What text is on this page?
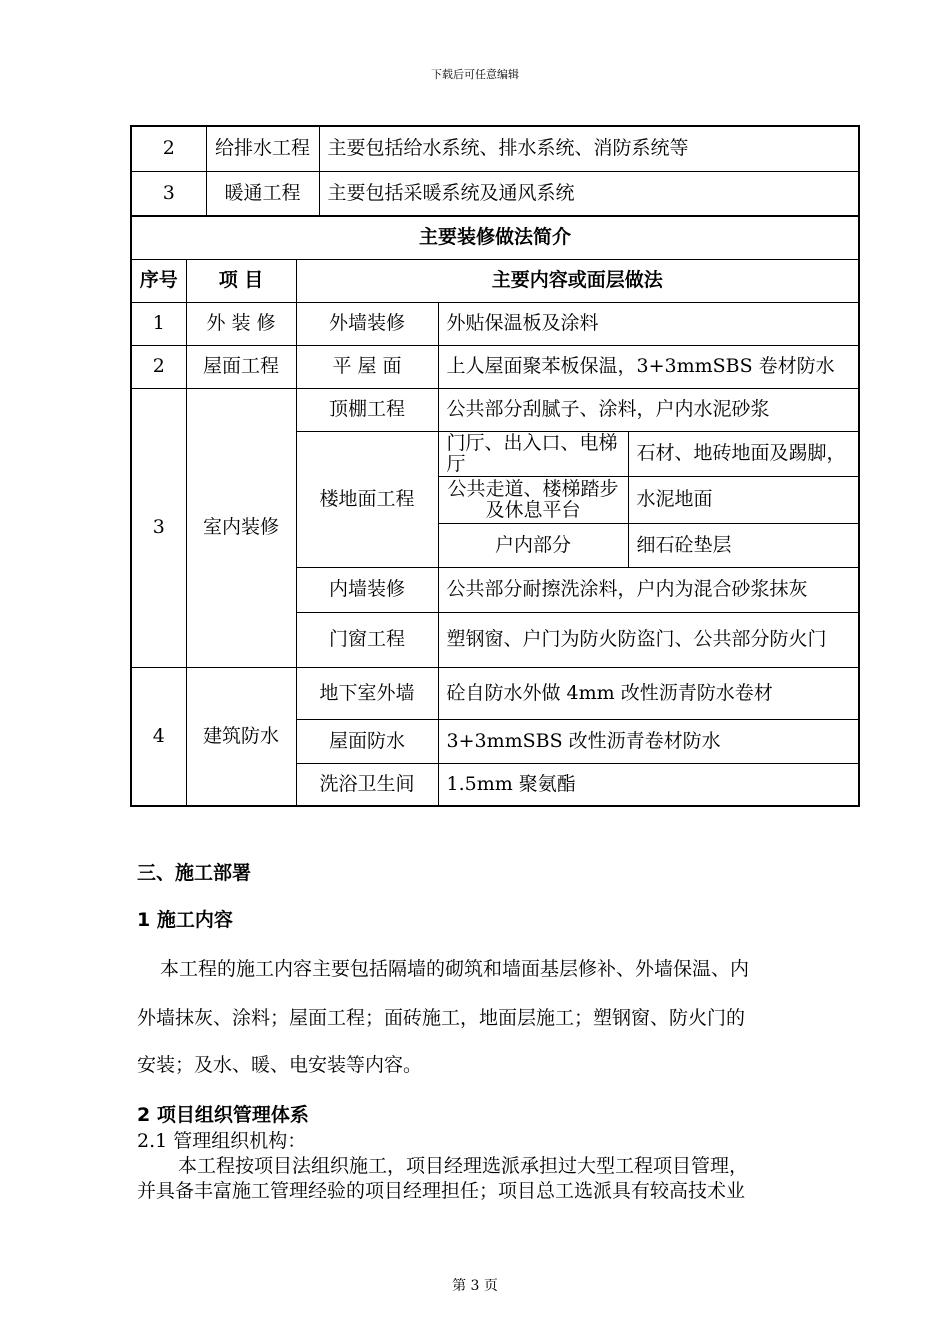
下载后可任意编辑
2	给排水工程	主要包括给水系统、排水系统、消防系统等
3	暖通工程	主要包括采暖系统及通风系统
主要装修做法简介				
序号	项 目	主要内容或面层做法		
1	外 装 修	外墙装修	外贴保温板及涂料	
2	屋面工程	平 屋 面	上人屋面聚苯板保温，3+3mmSBS 卷材防水	
3	室内装修	顶棚工程	公共部分刮腻子、涂料，户内水泥砂浆	
		楼地面工程	门厅、出入口、电梯厅	石材、地砖地面及踢脚，
			公共走道、楼梯踏步及休息平台	水泥地面
			户内部分	细石砼垫层
		内墙装修	公共部分耐擦洗涂料，户内为混合砂浆抹灰	
		门窗工程	塑钢窗、户门为防火防盗门、公共部分防火门	
4	建筑防水	地下室外墙	砼自防水外做 4mm 改性沥青防水卷材	
		屋面防水	3+3mmSBS 改性沥青卷材防水	
		洗浴卫生间	1.5mm 聚氨酯	
三、施工部署
1 施工内容
本工程的施工内容主要包括隔墙的砌筑和墙面基层修补、外墙保温、内
外墙抹灰、涂料；屋面工程；面砖施工，地面层施工；塑钢窗、防火门的
安装；及水、暖、电安装等内容。
2 项目组织管理体系
2.1 管理组织机构：
本工程按项目法组织施工，项目经理选派承担过大型工程项目管理，
并具备丰富施工管理经验的项目经理担任；项目总工选派具有较高技术业
第 3 页
